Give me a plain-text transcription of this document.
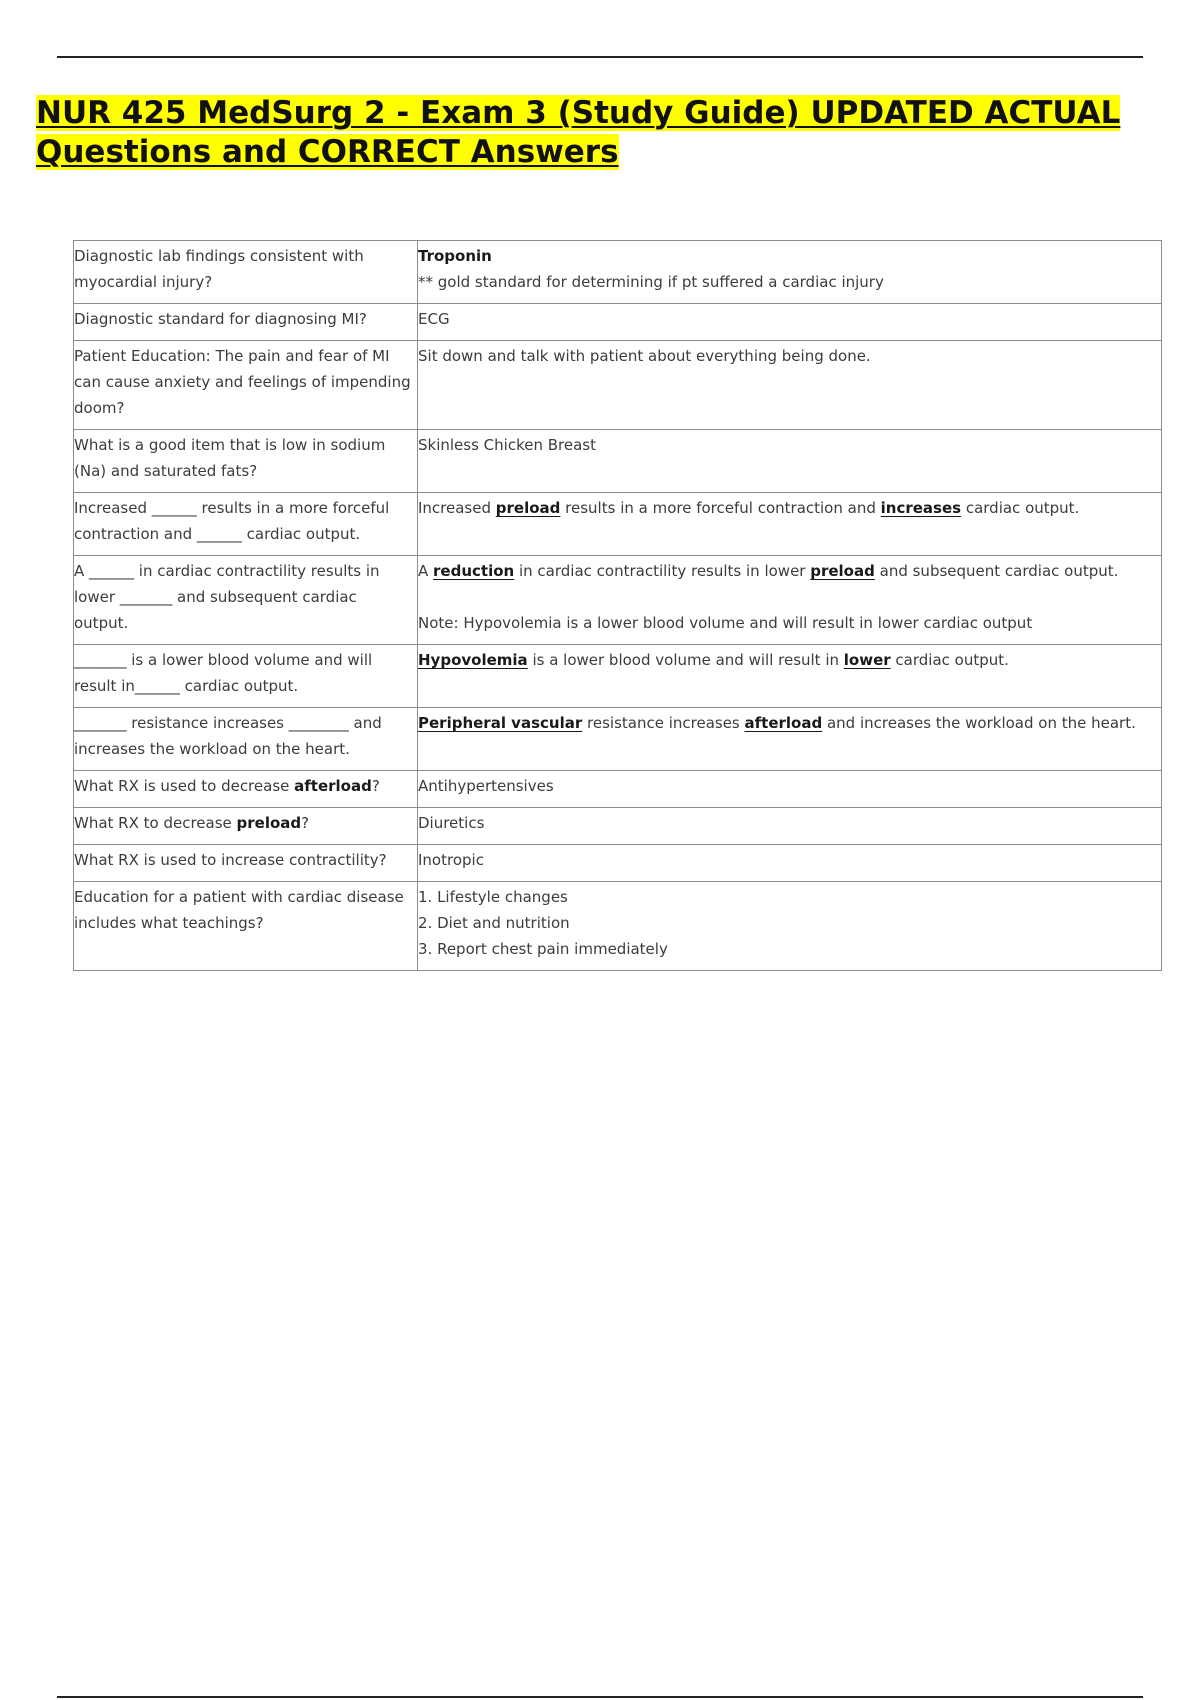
NUR 425 MedSurg 2 - Exam 3 (Study Guide) UPDATED ACTUAL Questions and CORRECT Answers
Diagnostic lab findings consistent with myocardial injury?	Troponin
** gold standard for determining if pt suffered a cardiac injury

Diagnostic standard for diagnosing MI?	ECG
Patient Education: The pain and fear of MI can cause anxiety and feelings of impending doom?	Sit down and talk with patient about everything being done.
What is a good item that is low in sodium (Na) and saturated fats?	Skinless Chicken Breast
Increased ______ results in a more forceful contraction and ______ cardiac output.	Increased preload results in a more forceful contraction and increases cardiac output.
A ______ in cardiac contractility results in lower _______ and subsequent cardiac output.	A reduction in cardiac contractility results in lower preload and subsequent cardiac output.
Note: Hypovolemia is a lower blood volume and will result in lower cardiac output

_______ is a lower blood volume and will result in______ cardiac output.	Hypovolemia is a lower blood volume and will result in lower cardiac output.
_______ resistance increases ________ and increases the workload on the heart.	Peripheral vascular resistance increases afterload and increases the workload on the heart.
What RX is used to decrease afterload?	Antihypertensives
What RX to decrease preload?	Diuretics
What RX is used to increase contractility?	Inotropic
Education for a patient with cardiac disease includes what teachings?	1. Lifestyle changes
2. Diet and nutrition
3. Report chest pain immediately
